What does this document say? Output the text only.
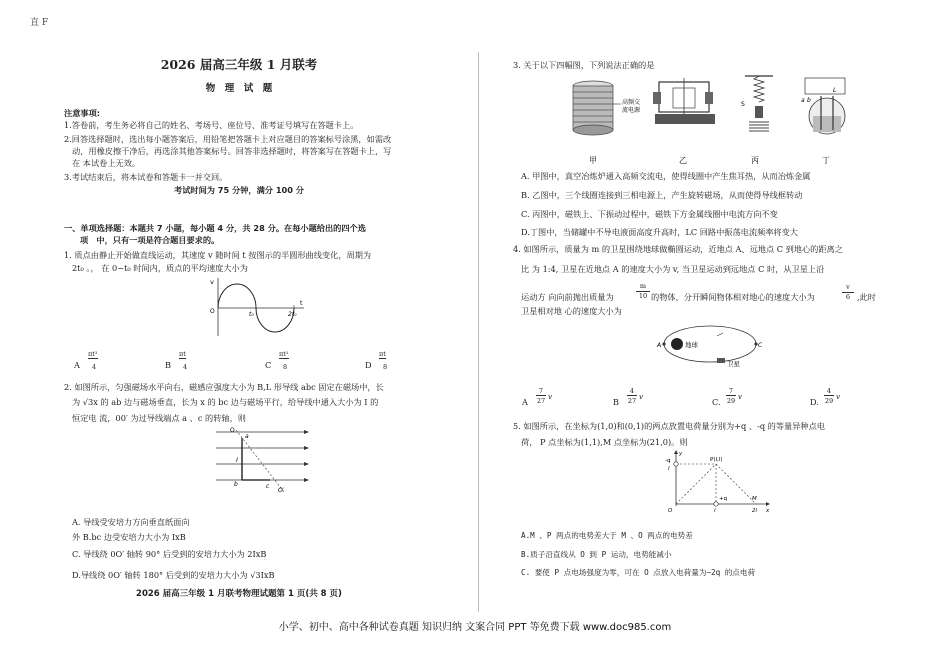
直 F
2026 届高三年级 1 月联考
物　理　试　题
注意事项:
1.答卷前，考生务必将自己的姓名、考场号、座位号、准考证号填写在答题卡上。
2.回答选择题时，选出每小题答案后，用铅笔把答题卡上对应题目的答案标号涂黑，如需改
动，用橡皮擦干净后，再选涂其他答案标号。回答非选择题时，将答案写在答题卡上，写
在 本试卷上无效。
3.考试结束后，将本试卷和答题卡一并交回。
考试时间为 75 分钟，满分 100 分
一、单项选择题：本题共 7 小题，每小题 4 分，共 28 分。在每小题给出的四个选
项　中，只有一项是符合题目要求的。
1. 质点由静止开始做直线运动，其速度 v 随时间 t 按图示的半圆形曲线变化，周期为
2t₀ 。， 在 0~t₀ 时间内，质点的平均速度大小为
v
O	t₀	2t₀
t
A
πt²
4	B
πt
4	C
πt²
8	D
πt
8
2. 如图所示，匀强磁场水平向右，磁感应强度大小为 B,L 形导线 abc 固定在磁场中，长
为 √3x 的 ab 边与磁场垂直，长为 x 的 bc 边与磁场平行，给导线中通入大小为 I 的
恒定电 流，00′ 为过导线端点 a 、c 的转轴，则
a
I
b	c
O
O′
A. 导线受安培力方向垂直纸面向
外 B.bc 边受安培力大小为 IxB
C. 导线绕 0O′ 轴转 90° 后受到的安培力大小为 2IxB
D.导线绕 0O′ 轴转 180° 后受到的安培力大小为 √3IxB
2026 届高三年级 1 月联考物理试题第 1 页(共 8 页)
3. 关于以下四幅图，下列说法正确的是
高频交
流电源
S
a b
L
甲	乙	丙	丁
A. 甲图中，真空冶炼炉通入高频交流电，使得线圈中产生焦耳热，从而冶炼金属
B. 乙图中，三个线圈连接到三相电源上，产生旋转磁场，从而使得导线框转动
C. 丙图中，磁铁上、下振动过程中，磁铁下方金属线圈中电流方向不变
D.丁图中，当储罐中不导电液面高度升高时，LC 回路中振荡电流频率将变大
4. 如图所示，质量为 m 的卫星围绕地球做椭圆运动，近地点 A、远地点 C 到地心的距离之
比 为 1:4, 卫星在近地点 A 的速度大小为 v, 当卫星运动到远地点 C 时，从卫星上沿
运动方 向向前抛出质量为
m
10 的物体，分开瞬间物体相对地心的速度大小为
v
6 ,此时
卫星相对地 心的速度大小为
A	地球	C
卫星
A
7
27 v	B
4
27 v	C.
7
29 v	D.
4
29 v
5. 如图所示，在坐标为(1,0)和(0,1)的两点放置电荷量分别为+q 、-q 的等量异种点电
荷， P 点坐标为(1,1),M 点坐标为(21,0)。则
-q	P(l,l)
l
+q	M
O	l	2l x
y
A.M 、P 两点的电势差大于 M 、O 两点的电势差
B.质子沿直线从 O 到 P 运动，电势能减小
C. 要使 P 点电场强度为零，可在 O 点放入电荷量为−2q 的点电荷
小学、初中、高中各种试卷真题 知识归纳 文案合同 PPT 等免费下载 www.doc985.com
